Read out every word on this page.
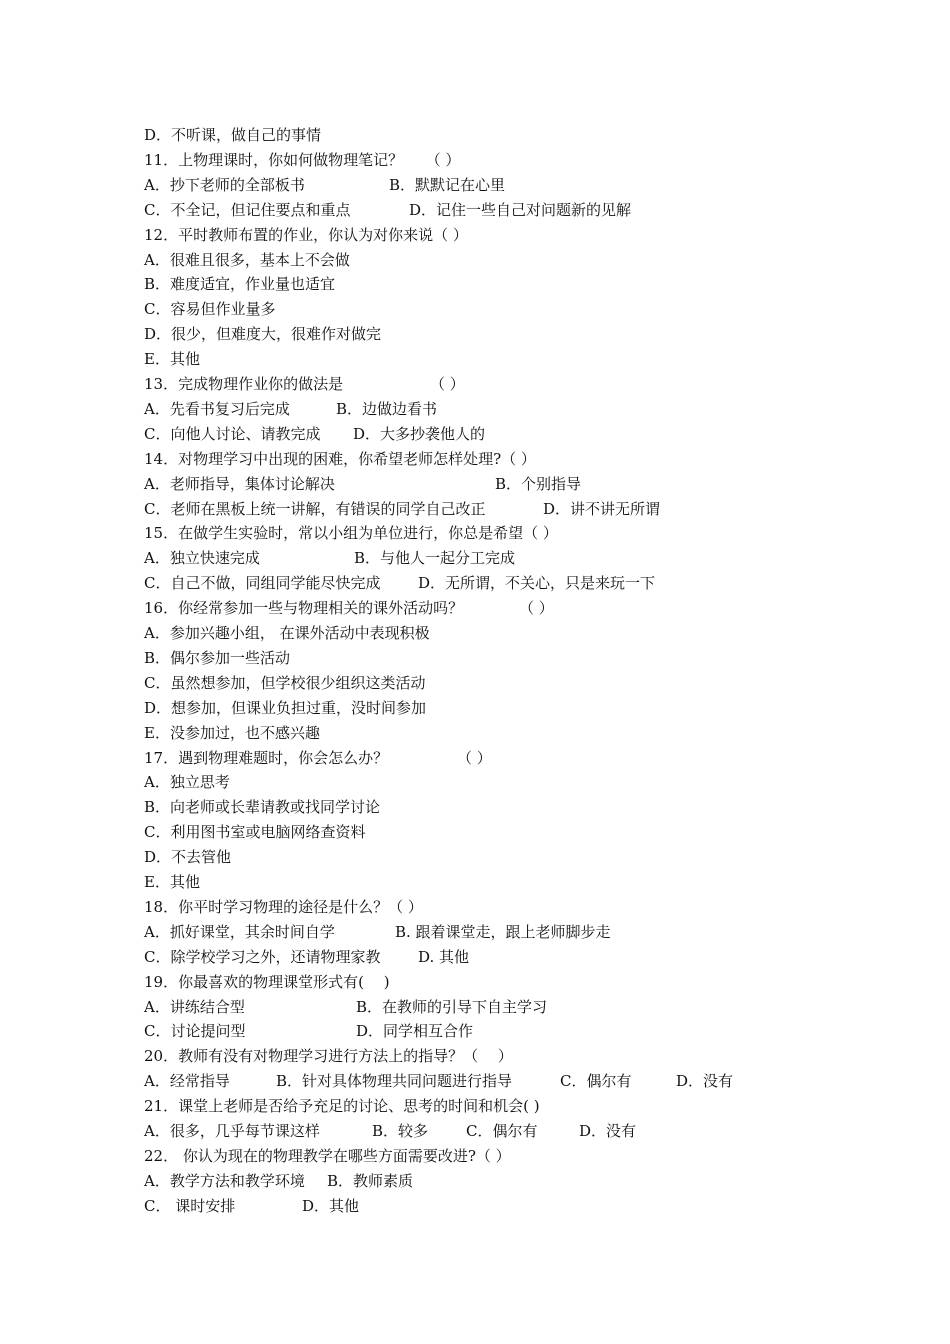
D．不听课，做自己的事情
11．上物理课时，你如何做物理笔记？　　（ ）
A．抄下老师的全部板书	B．默默记在心里
C．不全记，但记住要点和重点	D．记住一些自己对问题新的见解
12．平时教师布置的作业，你认为对你来说（ ）
A．很难且很多，基本上不会做
B．难度适宜，作业量也适宜
C．容易但作业量多
D．很少，但难度大，很难作对做完
E．其他
13．完成物理作业你的做法是	（ ）
A．先看书复习后完成	B．边做边看书
C．向他人讨论、请教完成 D．大多抄袭他人的
14．对物理学习中出现的困难，你希望老师怎样处理?（ ）
A．老师指导，集体讨论解决	B．个别指导
C．老师在黑板上统一讲解，有错误的同学自己改正	D．讲不讲无所谓
15．在做学生实验时，常以小组为单位进行，你总是希望（ ）
A．独立快速完成	B．与他人一起分工完成
C．自己不做，同组同学能尽快完成	D．无所谓，不关心，只是来玩一下
16．你经常参加一些与物理相关的课外活动吗？	（ ）
A．参加兴趣小组， 在课外活动中表现积极
B．偶尔参加一些活动
C．虽然想参加，但学校很少组织这类活动
D．想参加，但课业负担过重，没时间参加
E．没参加过，也不感兴趣
17．遇到物理难题时，你会怎么办？	（ ）
A．独立思考
B．向老师或长辈请教或找同学讨论
C．利用图书室或电脑网络查资料
D．不去管他
E．其他
18．你平时学习物理的途径是什么？（ ）
A．抓好课堂，其余时间自学	B. 跟着课堂走，跟上老师脚步走
C．除学校学习之外，还请物理家教	D. 其他
19．你最喜欢的物理课堂形式有(　 )
A．讲练结合型	B．在教师的引导下自主学习
C．讨论提问型	D．同学相互合作
20．教师有没有对物理学习进行方法上的指导？（　 ）
A．经常指导	B．针对具体物理共同问题进行指导	C．偶尔有	D．没有
21．课堂上老师是否给予充足的讨论、思考的时间和机会( )
A．很多，几乎每节课这样	B．较多	C．偶尔有	D．没有
22． 你认为现在的物理教学在哪些方面需要改进?（ ）
A．教学方法和教学环境 B．教师素质
C． 课时安排	D．其他
